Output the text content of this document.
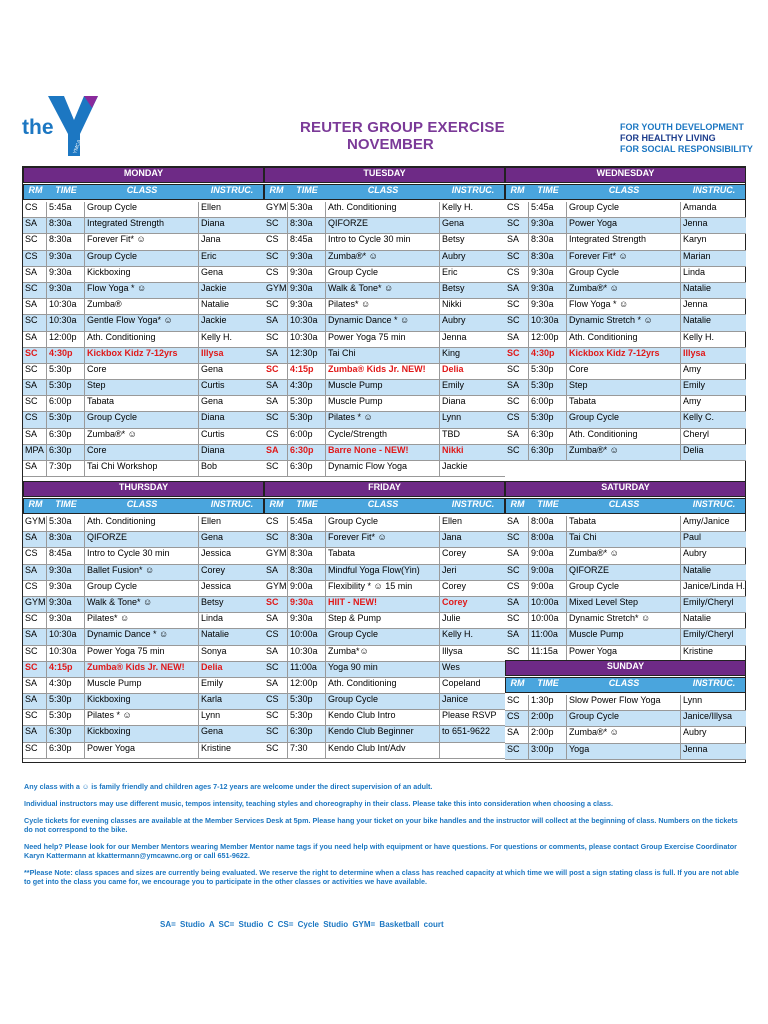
the
YMCA
REUTER GROUP EXERCISE
NOVEMBER
FOR YOUTH DEVELOPMENT
FOR HEALTHY LIVING
FOR SOCIAL RESPONSIBILITY
MONDAY
RM	TIME	CLASS	INSTRUC.
CS	5:45a	Group Cycle	Ellen
SA	8:30a	Integrated Strength	Diana
SC	8:30a	Forever Fit* ☺	Jana
CS	9:30a	Group Cycle	Eric
SA	9:30a	Kickboxing	Gena
SC	9:30a	Flow Yoga * ☺	Jackie
SA	10:30a	Zumba®	Natalie
SC	10:30a	Gentle Flow Yoga* ☺	Jackie
SA	12:00p	Ath. Conditioning	Kelly H.
SC	4:30p	Kickbox Kidz 7-12yrs	Illysa
SC	5:30p	Core	Gena
SA	5:30p	Step	Curtis
SC	6:00p	Tabata	Gena
CS	5:30p	Group Cycle	Diana
SA	6:30p	Zumba®* ☺	Curtis
MPA 6:30p	Core	Diana
SA	7:30p	Tai Chi Workshop	Bob
TUESDAY
RM	TIME	CLASS	INSTRUC.
GYM 5:30a	Ath. Conditioning	Kelly H.
SC	8:30a	QIFORZE	Gena
CS	8:45a	Intro to Cycle 30 min	Betsy
SC	9:30a	Zumba®* ☺	Aubry
CS	9:30a	Group Cycle	Eric
GYM 9:30a	Walk & Tone* ☺	Betsy
SC	9:30a	Pilates* ☺	Nikki
SA	10:30a	Dynamic Dance * ☺	Aubry
SC	10:30a	Power Yoga 75 min	Jenna
SA	12:30p	Tai Chi	King
SC	4:15p	Zumba® Kids Jr. NEW!	Delia
SA	4:30p	Muscle Pump	Emily
SA	5:30p	Muscle Pump	Diana
SC	5:30p	Pilates * ☺	Lynn
CS	6:00p	Cycle/Strength	TBD
SA	6:30p	Barre None - NEW!	Nikki
SC	6:30p	Dynamic Flow Yoga	Jackie
WEDNESDAY
RM	TIME	CLASS	INSTRUC.
CS	5:45a	Group Cycle	Amanda
SC	9:30a	Power Yoga	Jenna
SA	8:30a	Integrated Strength	Karyn
SC	8:30a	Forever Fit* ☺	Marian
CS	9:30a	Group Cycle	Linda
SA	9:30a	Zumba®* ☺	Natalie
SC	9:30a	Flow Yoga * ☺	Jenna
SC	10:30a	Dynamic Stretch * ☺	Natalie
SA	12:00p	Ath. Conditioning	Kelly H.
SC	4:30p	Kickbox Kidz 7-12yrs	Illysa
SC	5:30p	Core	Amy
SA	5:30p	Step	Emily
SC	6:00p	Tabata	Amy
CS	5:30p	Group Cycle	Kelly C.
SA	6:30p	Ath. Conditioning	Cheryl
SC	6:30p	Zumba®* ☺	Delia
THURSDAY
RM	TIME	CLASS	INSTRUC.
GYM 5:30a	Ath. Conditioning	Ellen
SA	8:30a	QIFORZE	Gena
CS	8:45a	Intro to Cycle 30 min	Jessica
SA	9:30a	Ballet Fusion* ☺	Corey
CS	9:30a	Group Cycle	Jessica
GYM 9:30a	Walk & Tone* ☺	Betsy
SC	9:30a	Pilates* ☺	Linda
SA	10:30a	Dynamic Dance * ☺	Natalie
SC	10:30a	Power Yoga 75 min	Sonya
SC	4:15p	Zumba® Kids Jr. NEW!	Delia
SA	4:30p	Muscle Pump	Emily
SA	5:30p	Kickboxing	Karla
SC	5:30p	Pilates * ☺	Lynn
SA	6:30p	Kickboxing	Gena
SC	6:30p	Power Yoga	Kristine
FRIDAY
RM	TIME	CLASS	INSTRUC.
CS	5:45a	Group Cycle	Ellen
SC	8:30a	Forever Fit* ☺	Jana
GYM 8:30a	Tabata	Corey
SA	8:30a	Mindful Yoga Flow(Yin)	Jeri
GYM 9:00a	Flexibility * ☺ 15 min	Corey
SC	9:30a	HIIT - NEW!	Corey
SA	9:30a	Step & Pump	Julie
CS	10:00a	Group Cycle	Kelly H.
SA	10:30a	Zumba*☺	Illysa
SC	11:00a	Yoga 90 min	Wes
SA	12:00p	Ath. Conditioning	Copeland
CS	5:30p	Group Cycle	Janice
SC	5:30p	Kendo Club Intro	Please RSVP
SC	6:30p	Kendo Club Beginner	to 651-9622
SC	7:30	Kendo Club Int/Adv
SATURDAY
RM	TIME	CLASS	INSTRUC.
SA	8:00a	Tabata	Amy/Janice
SC	8:00a	Tai Chi	Paul
SA	9:00a	Zumba®* ☺	Aubry
SC	9:00a	QIFORZE	Natalie
CS	9:00a	Group Cycle	Janice/Linda H.
SA	10:00a	Mixed Level Step	Emily/Cheryl
SC	10:00a	Dynamic Stretch* ☺	Natalie
SA	11:00a	Muscle Pump	Emily/Cheryl
SC	11:15a	Power Yoga	Kristine
SUNDAY
RM	TIME	CLASS	INSTRUC.
SC	1:30p	Slow Power Flow Yoga	Lynn
CS	2:00p	Group Cycle	Janice/Illysa
SA	2:00p	Zumba®* ☺	Aubry
SC	3:00p	Yoga	Jenna

Any class with a ☺ is family friendly and children ages 7-12 years are welcome under the direct supervision of an adult.

Individual instructors may use different music, tempos intensity, teaching styles and choreography in their class. Please take this into consideration when choosing a class.

Cycle tickets for evening classes are available at the Member Services Desk at 5pm. Please hang your ticket on your bike handles and the instructor will collect at the beginning of class. Numbers on the tickets do not correspond to the bike.

Need help? Please look for our Member Mentors wearing Member Mentor name tags if you need help with equipment or have questions. For questions or comments, please contact Group Exercise Coordinator Karyn Kattermann at kkattermann@ymcawnc.org or call 651-9622.

**Please Note: class spaces and sizes are currently being evaluated. We reserve the right to determine when a class has reached capacity at which time we will post a sign stating class is full. If you are not able to get into the class you came for, we encourage you to participate in the other classes or activities we have available.

SA= Studio A SC= Studio C CS= Cycle Studio GYM= Basketball court
